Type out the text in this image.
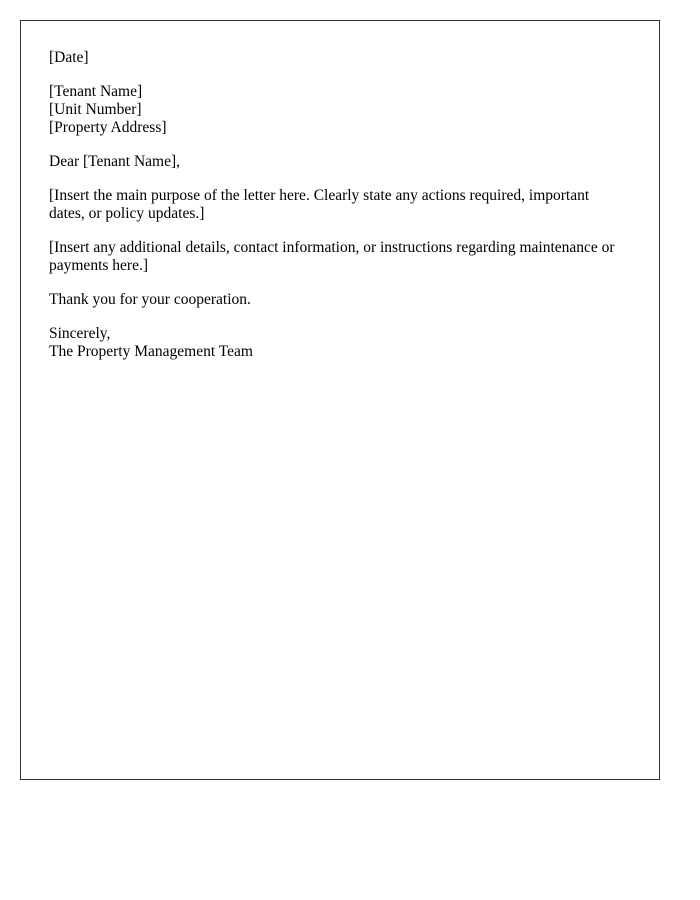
[Date]
[Tenant Name]
[Unit Number]
[Property Address]
Dear [Tenant Name],
[Insert the main purpose of the letter here. Clearly state any actions required, important
dates, or policy updates.]
[Insert any additional details, contact information, or instructions regarding maintenance or
payments here.]
Thank you for your cooperation.
Sincerely,
The Property Management Team
